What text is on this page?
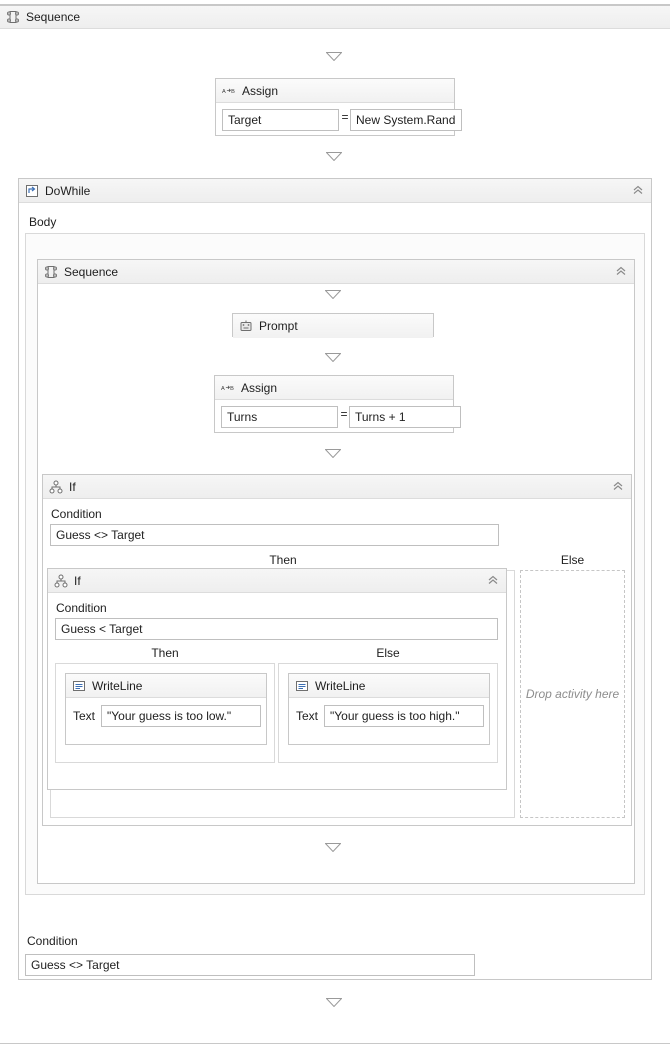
Sequence
A B Assign
Target	= New System.Rand
DoWhile
Body
Sequence
Prompt
A B Assign
Turns	= Turns + 1
If
Condition
Guess <> Target
Then	Else
If
Condition
Guess < Target
Then	Else
WriteLine
Text "Your guess is too low."
WriteLine
Text "Your guess is too high."
Drop activity here
Condition
Guess <> Target
